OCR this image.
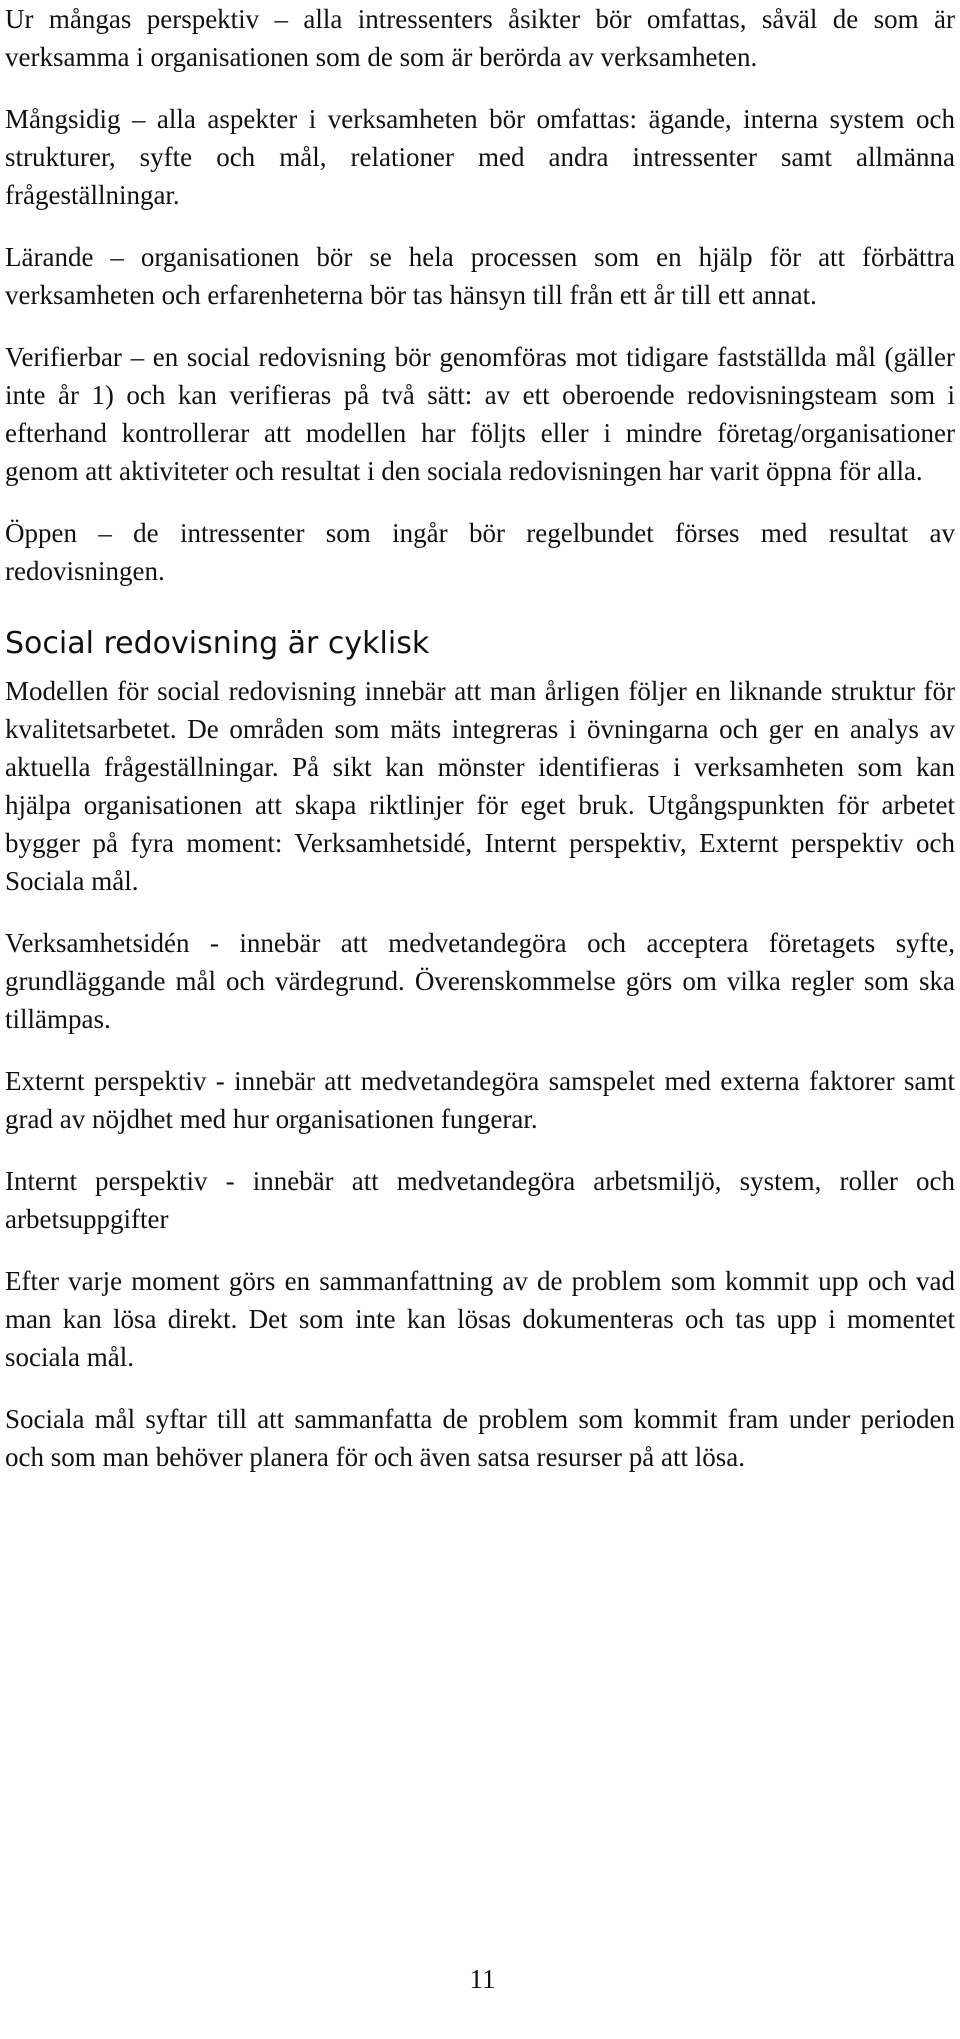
Ur mångas perspektiv – alla intressenters åsikter bör omfattas, såväl de som är verksamma i organisationen som de som är berörda av verksamheten.

Mångsidig – alla aspekter i verksamheten bör omfattas: ägande, interna system och strukturer, syfte och mål, relationer med andra intressenter samt allmänna frågeställningar.

Lärande – organisationen bör se hela processen som en hjälp för att förbättra verksamheten och erfarenheterna bör tas hänsyn till från ett år till ett annat.

Verifierbar – en social redovisning bör genomföras mot tidigare fastställda mål (gäller inte år 1) och kan verifieras på två sätt: av ett oberoende redovisningsteam som i efterhand kontrollerar att modellen har följts eller i mindre företag/organisationer genom att aktiviteter och resultat i den sociala redovisningen har varit öppna för alla.

Öppen – de intressenter som ingår bör regelbundet förses med resultat av redovisningen.

Social redovisning är cyklisk

Modellen för social redovisning innebär att man årligen följer en liknande struktur för kvalitetsarbetet. De områden som mäts integreras i övningarna och ger en analys av aktuella frågeställningar. På sikt kan mönster identifieras i verksamheten som kan hjälpa organisationen att skapa riktlinjer för eget bruk. Utgångspunkten för arbetet bygger på fyra moment: Verksamhetsidé, Internt perspektiv, Externt perspektiv och Sociala mål.

Verksamhetsidén - innebär att medvetandegöra och acceptera företagets syfte, grundläggande mål och värdegrund. Överenskommelse görs om vilka regler som ska tillämpas.

Externt perspektiv - innebär att medvetandegöra samspelet med externa faktorer samt grad av nöjdhet med hur organisationen fungerar.

Internt perspektiv - innebär att medvetandegöra arbetsmiljö, system, roller och arbetsuppgifter

Efter varje moment görs en sammanfattning av de problem som kommit upp och vad man kan lösa direkt. Det som inte kan lösas dokumenteras och tas upp i momentet sociala mål.

Sociala mål syftar till att sammanfatta de problem som kommit fram under perioden och som man behöver planera för och även satsa resurser på att lösa.

11
